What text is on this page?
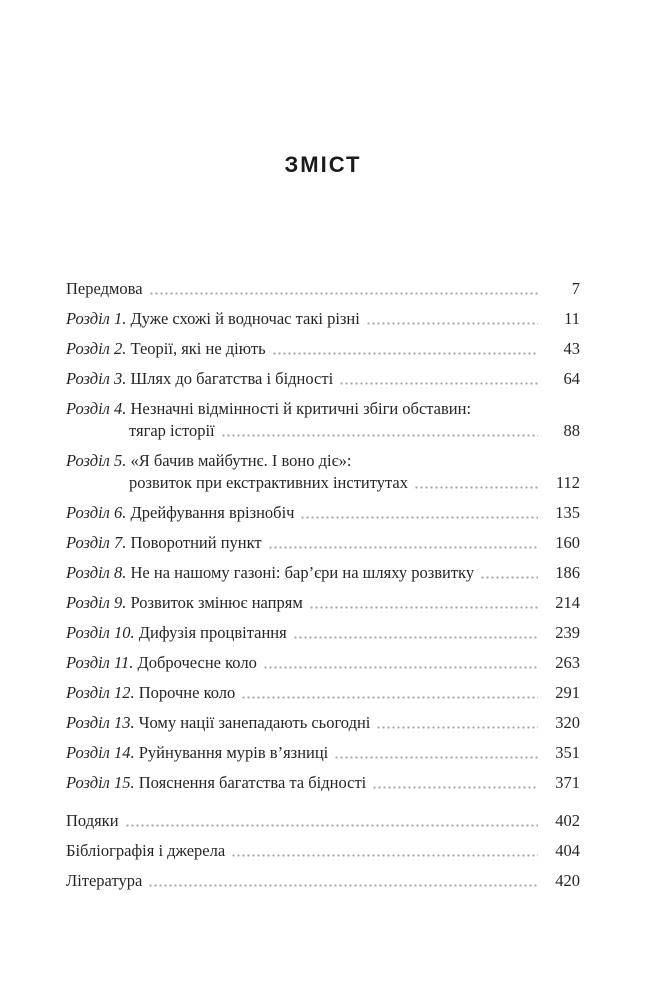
ЗМІСТ
Передмова	7
Розділ 1. Дуже схожі й водночас такі різні	11
Розділ 2. Теорії, які не діють	43
Розділ 3. Шлях до багатства і бідності	64
Розділ 4. Незначні відмінності й критичні збіги обставин:
тягар історії	88
Розділ 5. «Я бачив майбутнє. І воно діє»:
розвиток при екстрактивних інститутах	112
Розділ 6. Дрейфування врізнобіч	135
Розділ 7. Поворотний пункт	160
Розділ 8. Не на нашому газоні: бар’єри на шляху розвитку	186
Розділ 9. Розвиток змінює напрям	214
Розділ 10. Дифузія процвітання	239
Розділ 11. Доброчесне коло	263
Розділ 12. Порочне коло	291
Розділ 13. Чому нації занепадають сьогодні	320
Розділ 14. Руйнування мурів в’язниці	351
Розділ 15. Пояснення багатства та бідності	371
Подяки	402
Бібліографія і джерела	404
Література	420
